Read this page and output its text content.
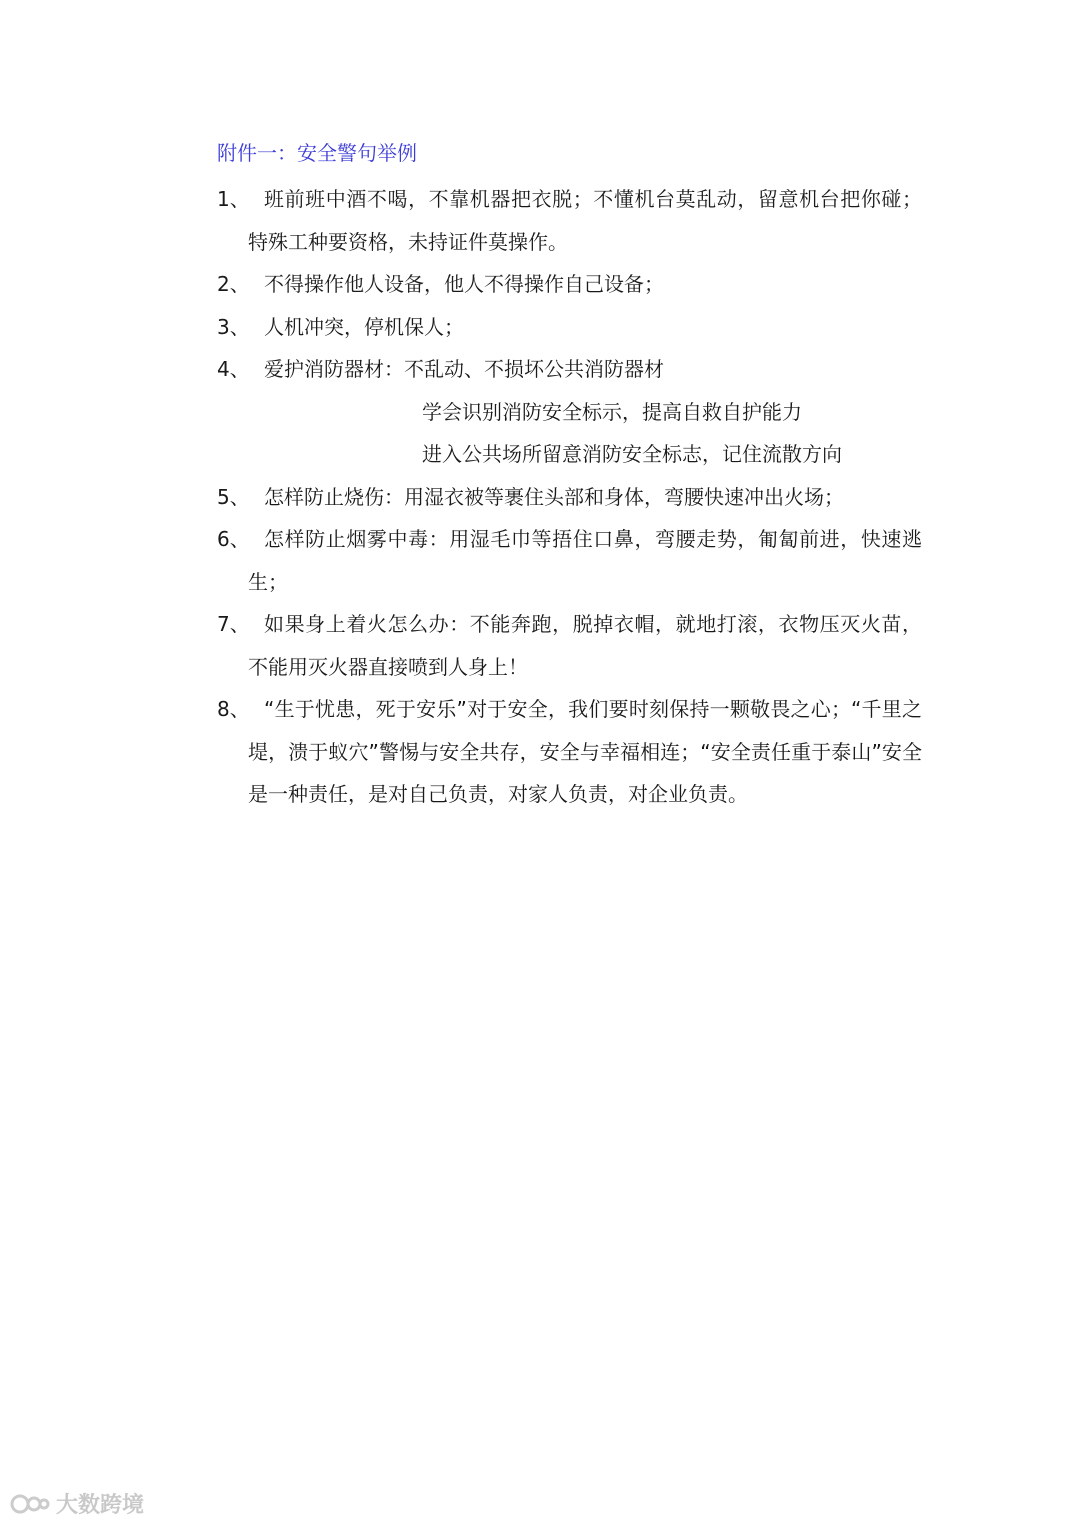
附件一：安全警句举例
1、 班前班中酒不喝，不靠机器把衣脱；不懂机台莫乱动，留意机台把你碰；特殊工种要资格，未持证件莫操作。
2、 不得操作他人设备，他人不得操作自己设备；
3、 人机冲突，停机保人；
4、 爱护消防器材：不乱动、不损坏公共消防器材
学会识别消防安全标示，提高自救自护能力
进入公共场所留意消防安全标志，记住流散方向
5、 怎样防止烧伤：用湿衣被等裹住头部和身体，弯腰快速冲出火场；
6、 怎样防止烟雾中毒：用湿毛巾等捂住口鼻，弯腰走势，匍匐前进，快速逃生；
7、 如果身上着火怎么办：不能奔跑，脱掉衣帽，就地打滚，衣物压灭火苗，不能用灭火器直接喷到人身上！
8、 “生于忧患，死于安乐”对于安全，我们要时刻保持一颗敬畏之心；“千里之堤，溃于蚁穴”警惕与安全共存，安全与幸福相连；“安全责任重于泰山”安全是一种责任，是对自己负责，对家人负责，对企业负责。
大数跨境
